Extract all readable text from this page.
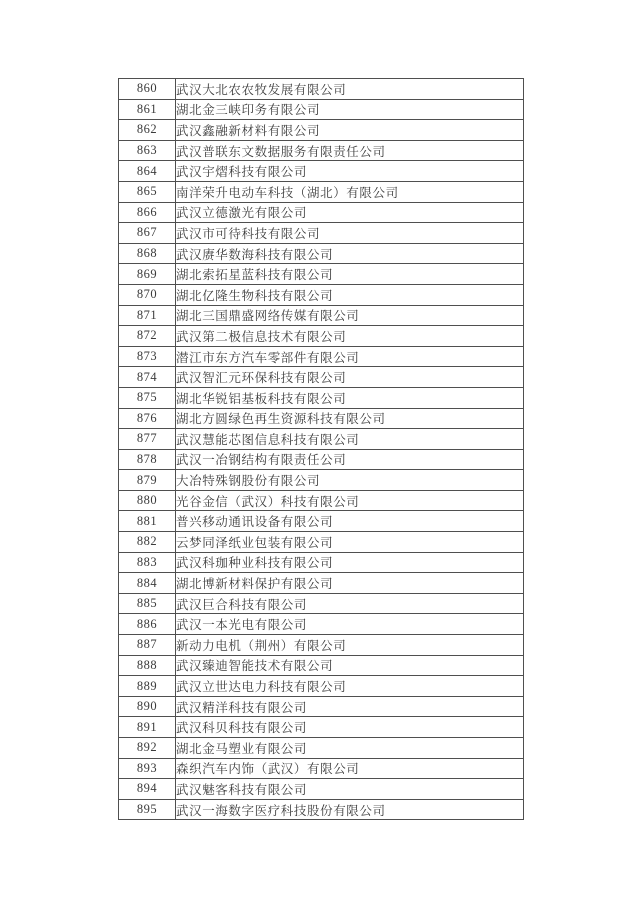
860	武汉大北农农牧发展有限公司
861	湖北金三峡印务有限公司
862	武汉鑫融新材料有限公司
863	武汉普联东文数据服务有限责任公司
864	武汉宇熠科技有限公司
865	南洋荣升电动车科技（湖北）有限公司
866	武汉立德激光有限公司
867	武汉市可待科技有限公司
868	武汉赓华数海科技有限公司
869	湖北索拓星蓝科技有限公司
870	湖北亿隆生物科技有限公司
871	湖北三国鼎盛网络传媒有限公司
872	武汉第二极信息技术有限公司
873	潜江市东方汽车零部件有限公司
874	武汉智汇元环保科技有限公司
875	湖北华锐铝基板科技有限公司
876	湖北方圆绿色再生资源科技有限公司
877	武汉慧能芯图信息科技有限公司
878	武汉一冶钢结构有限责任公司
879	大冶特殊钢股份有限公司
880	光谷金信（武汉）科技有限公司
881	普兴移动通讯设备有限公司
882	云梦同泽纸业包装有限公司
883	武汉科珈种业科技有限公司
884	湖北博新材料保护有限公司
885	武汉巨合科技有限公司
886	武汉一本光电有限公司
887	新动力电机（荆州）有限公司
888	武汉臻迪智能技术有限公司
889	武汉立世达电力科技有限公司
890	武汉精洋科技有限公司
891	武汉科贝科技有限公司
892	湖北金马塑业有限公司
893	森织汽车内饰（武汉）有限公司
894	武汉魅客科技有限公司
895	武汉一海数字医疗科技股份有限公司
